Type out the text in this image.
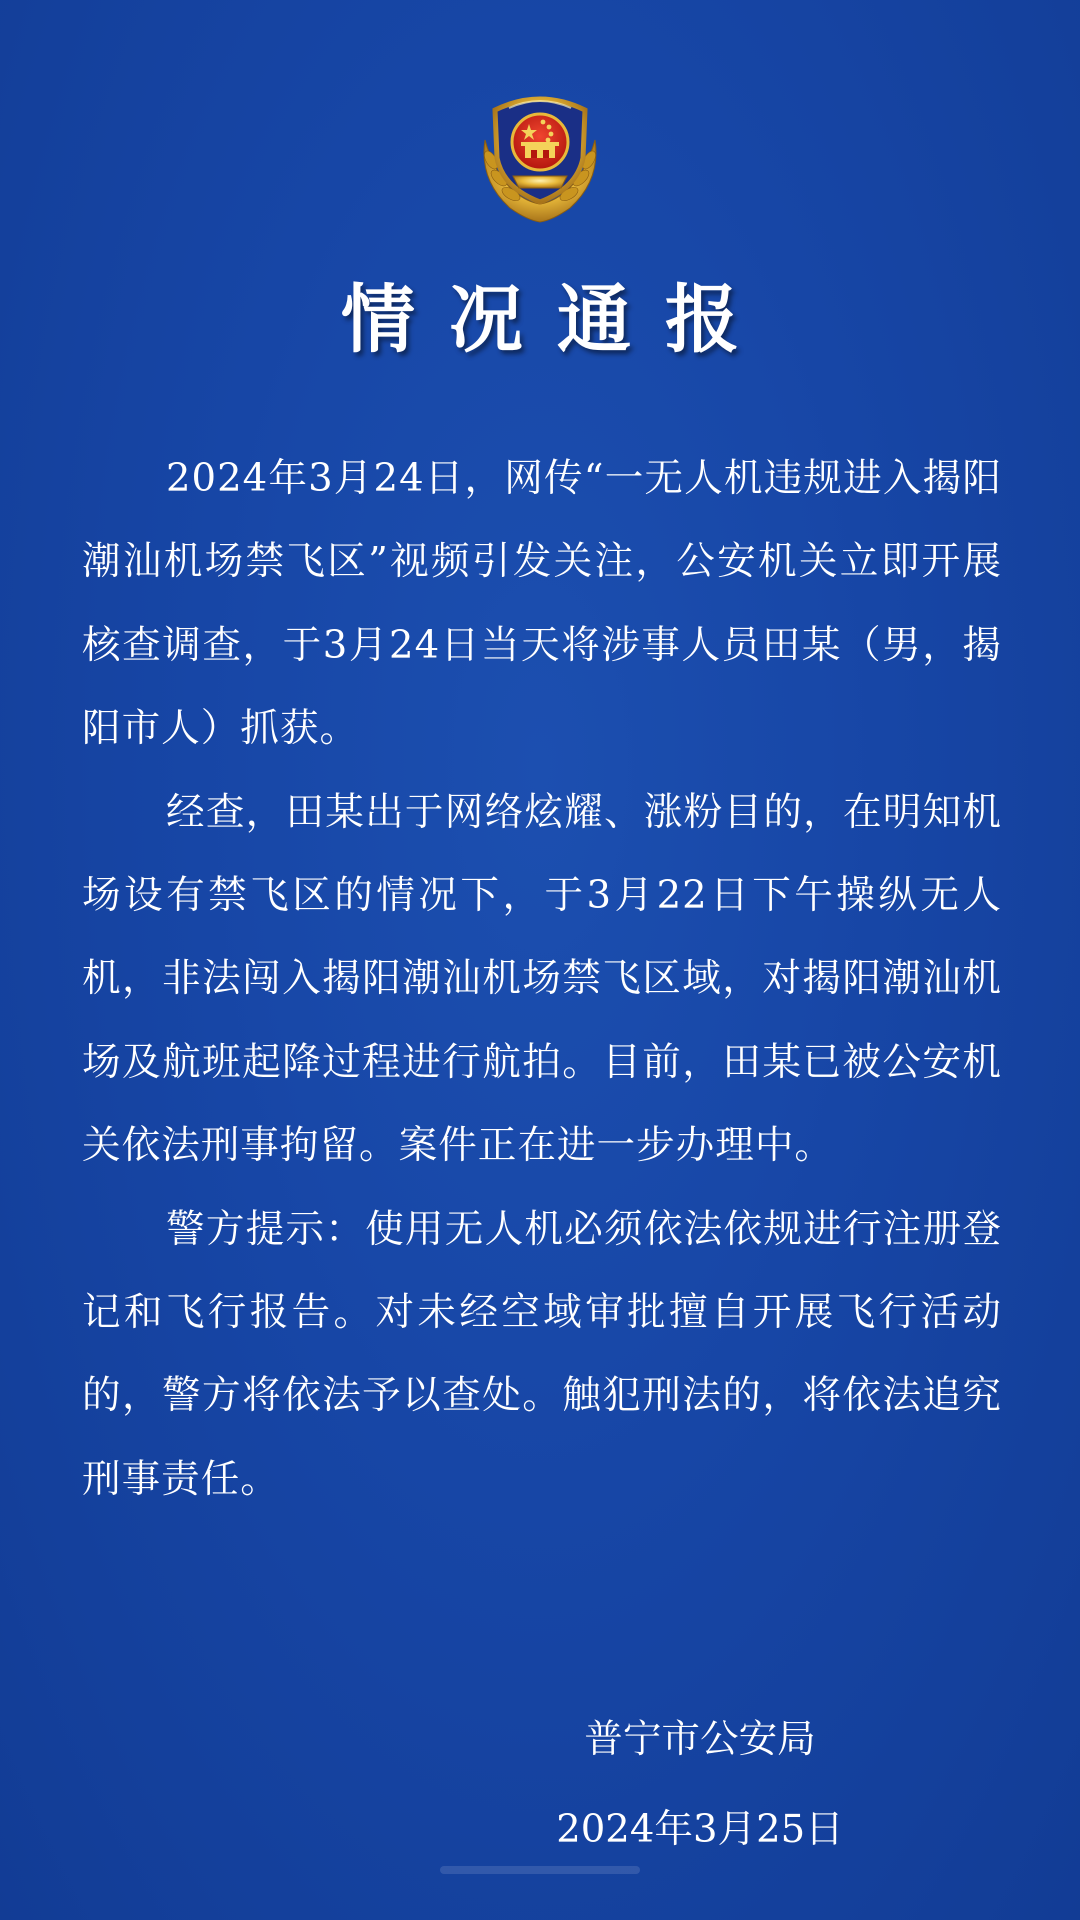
情况通报

2024年3月24日，网传“一无人机违规进入揭阳潮汕机场禁飞区”视频引发关注，公安机关立即开展核查调查，于3月24日当天将涉事人员田某（男，揭阳市人）抓获。

经查，田某出于网络炫耀、涨粉目的，在明知机场设有禁飞区的情况下，于3月22日下午操纵无人机，非法闯入揭阳潮汕机场禁飞区域，对揭阳潮汕机场及航班起降过程进行航拍。目前，田某已被公安机关依法刑事拘留。案件正在进一步办理中。

警方提示：使用无人机必须依法依规进行注册登记和飞行报告。对未经空域审批擅自开展飞行活动的，警方将依法予以查处。触犯刑法的，将依法追究刑事责任。

普宁市公安局
2024年3月25日
